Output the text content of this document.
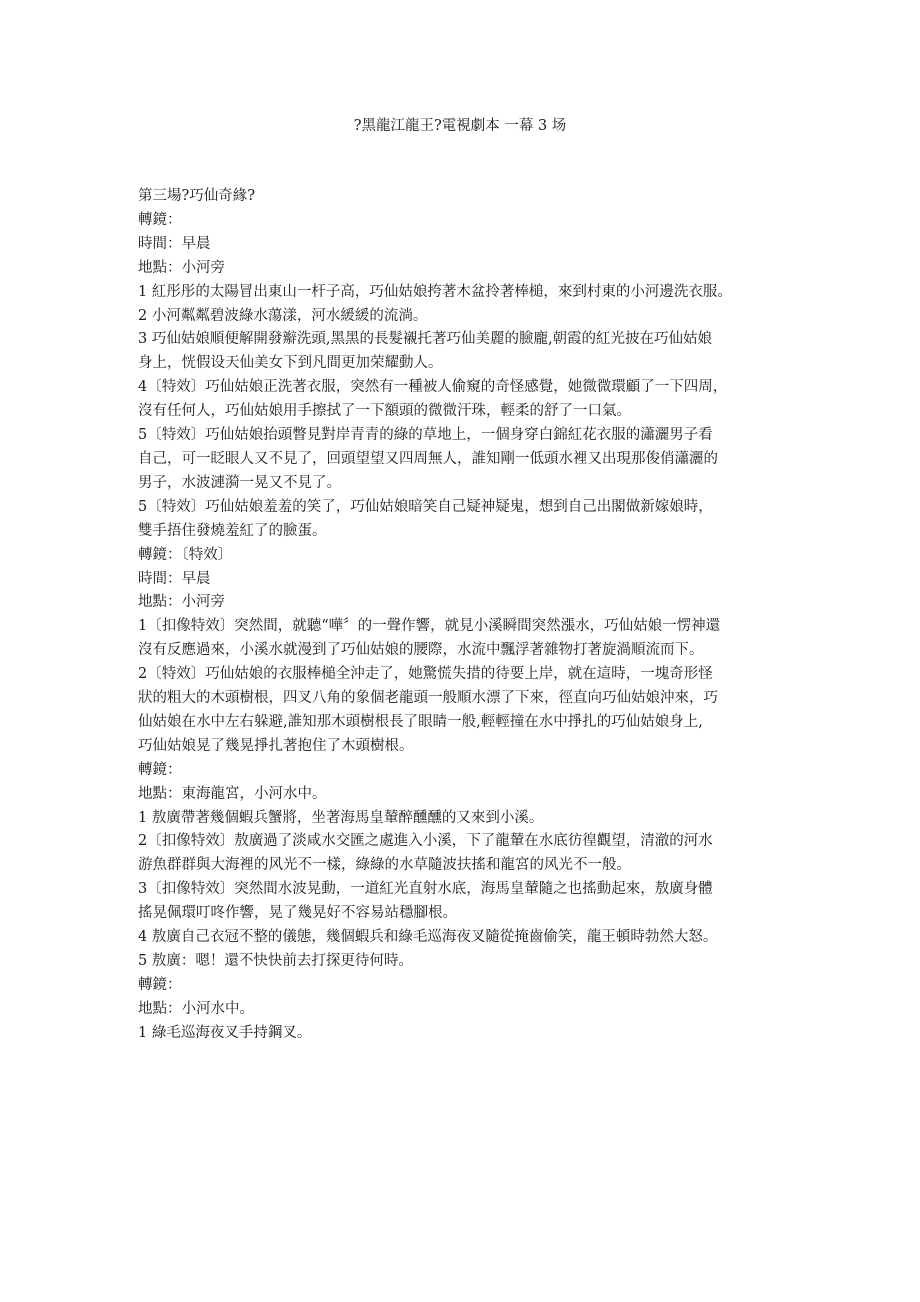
?黑龍江龍王?電視劇本 一幕 3 场
第三場?巧仙奇緣?
轉鏡：
時間：早晨
地點：小河旁
1 紅彤彤的太陽冒出東山一杆子高，巧仙姑娘挎著木盆拎著棒槌，來到村東的小河邊洗衣服。
2 小河粼粼碧波綠水蕩漾，河水緩緩的流淌。
3 巧仙姑娘順便解開發辮洗頭,黑黑的長髮襯托著巧仙美麗的臉龐,朝霞的紅光披在巧仙姑娘
身上，恍假设天仙美女下到凡間更加荣耀動人。
4〔特效〕巧仙姑娘正洗著衣服，突然有一種被人偷窺的奇怪感覺，她微微環顧了一下四周，
沒有任何人，巧仙姑娘用手擦拭了一下額頭的微微汗珠，輕柔的舒了一口氣。
5〔特效〕巧仙姑娘抬頭瞥見對岸青青的綠的草地上，一個身穿白錦紅花衣服的瀟灑男子看
自己，可一眨眼人又不見了，回頭望望又四周無人，誰知剛一低頭水裡又出現那俊俏瀟灑的
男子，水波漣漪一晃又不見了。
5〔特效〕巧仙姑娘羞羞的笑了，巧仙姑娘暗笑自己疑神疑鬼，想到自己出閣做新嫁娘時，
雙手捂住發燒羞紅了的臉蛋。
轉鏡：〔特效〕
時間：早晨
地點：小河旁
1〔扣像特效〕突然間，就聽“嘩〞的一聲作響，就見小溪瞬間突然漲水，巧仙姑娘一愣神還
沒有反應過來，小溪水就漫到了巧仙姑娘的腰際，水流中飄浮著雜物打著旋渦順流而下。
2〔特效〕巧仙姑娘的衣服棒槌全沖走了，她驚慌失措的待要上岸，就在這時，一塊奇形怪
狀的粗大的木頭樹根，四叉八角的象個老龍頭一般順水漂了下來，徑直向巧仙姑娘沖來，巧
仙姑娘在水中左右躲避,誰知那木頭樹根長了眼睛一般,輕輕撞在水中掙扎的巧仙姑娘身上,
巧仙姑娘晃了幾晃掙扎著抱住了木頭樹根。
轉鏡：
地點：東海龍宮，小河水中。
1 敖廣帶著幾個蝦兵蟹將，坐著海馬皇輦醉醺醺的又來到小溪。
2〔扣像特效〕敖廣過了淡咸水交匯之處進入小溪，下了龍輦在水底彷徨觀望，清澈的河水
游魚群群與大海裡的风光不一樣，綠綠的水草隨波扶搖和龍宮的风光不一般。
3〔扣像特效〕突然間水波晃動，一道紅光直射水底，海馬皇輦隨之也搖動起來，敖廣身體
搖晃佩環叮咚作響，晃了幾晃好不容易站穩腳根。
4 敖廣自己衣冠不整的儀態，幾個蝦兵和綠毛巡海夜叉隨從掩齒偷笑，龍王頓時勃然大怒。
5 敖廣：嗯！還不快快前去打探更待何時。
轉鏡：
地點：小河水中。
1 綠毛巡海夜叉手持鋼叉。
